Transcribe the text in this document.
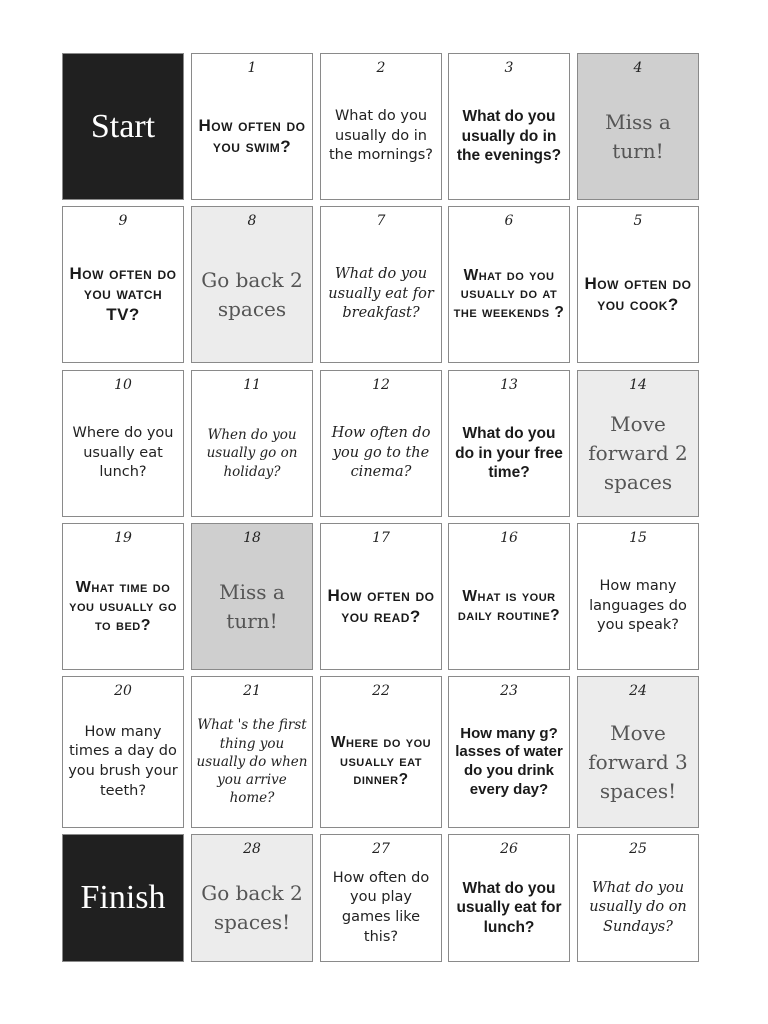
Start
1
How often do you swim?
2
What do you usually do in the mornings?
3
What do you usually do in the evenings?
4
Miss a turn!
9
How often do you watch TV?
8
Go back 2 spaces
7
What do you usually eat for breakfast?
6
What do you usually do at the weekends ?
5
How often do you cook?
10
Where do you usually eat lunch?
11
When do you usually go on holiday?
12
How often do you go to the cinema?
13
What do you do in your free time?
14
Move forward 2 spaces
19
What time do you usually go to bed?
18
Miss a turn!
17
How often do you read?
16
What is your daily routine?
15
How many languages do you speak?
20
How many times a day do you brush your teeth?
21
What 's the first thing you usually do when you arrive home?
22
Where do you usually eat dinner?
23
How many g?lasses of water do you drink every day?
24
Move forward 3 spaces!
Finish
28
Go back 2 spaces!
27
How often do you play games like this?
26
What do you usually eat for lunch?
25
What do you usually do on Sundays?
